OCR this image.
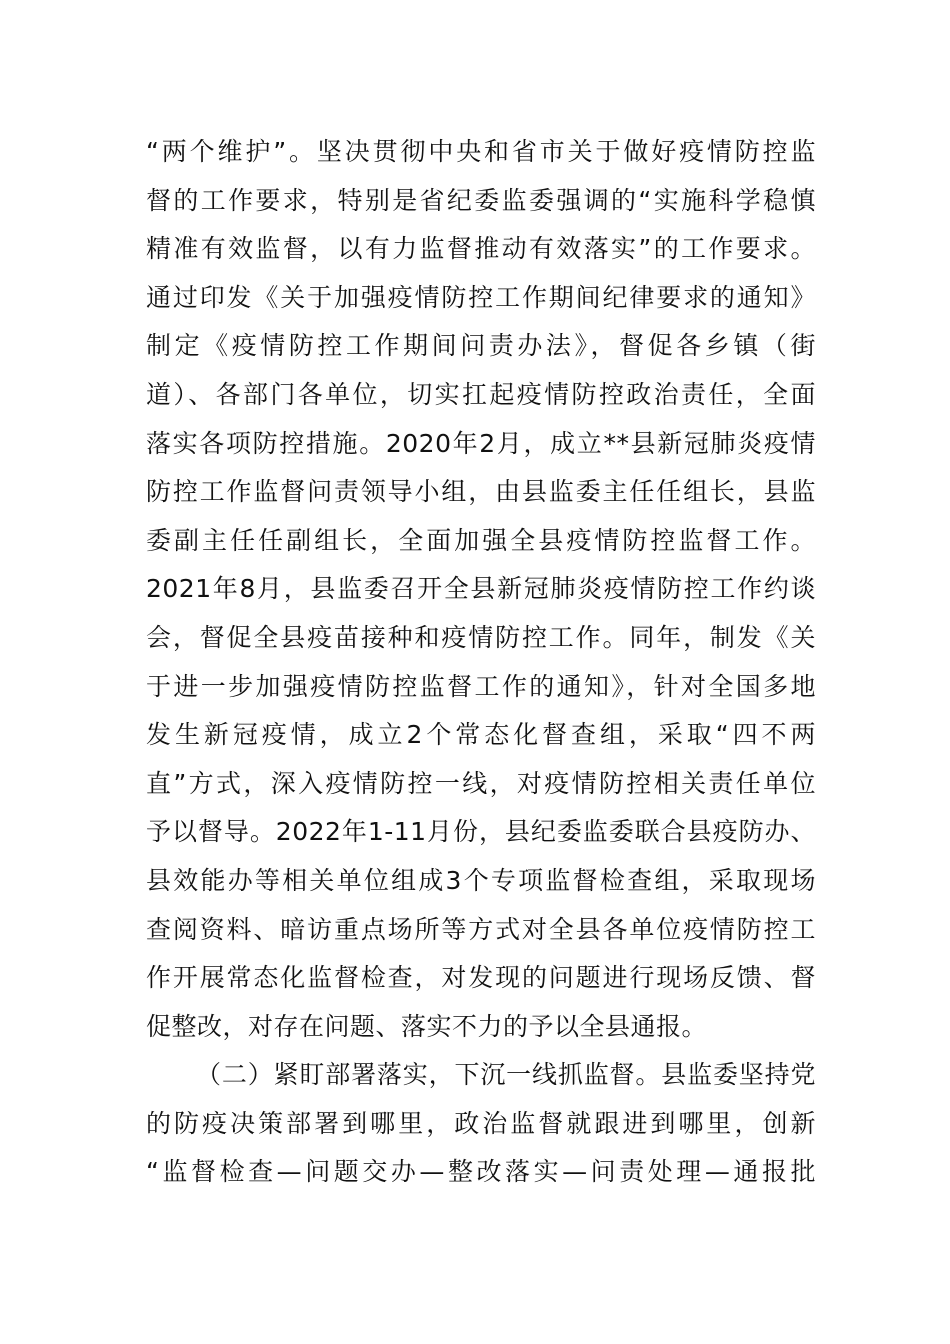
“两个维护”。坚决贯彻中央和省市关于做好疫情防控监
督的工作要求，特别是省纪委监委强调的“实施科学稳慎
精准有效监督，以有力监督推动有效落实”的工作要求。
通过印发《关于加强疫情防控工作期间纪律要求的通知》
制定《疫情防控工作期间问责办法》，督促各乡镇（街
道）、各部门各单位，切实扛起疫情防控政治责任，全面
落实各项防控措施。2020年2月，成立**县新冠肺炎疫情
防控工作监督问责领导小组，由县监委主任任组长，县监
委副主任任副组长，全面加强全县疫情防控监督工作。
2021年8月，县监委召开全县新冠肺炎疫情防控工作约谈
会，督促全县疫苗接种和疫情防控工作。同年，制发《关
于进一步加强疫情防控监督工作的通知》，针对全国多地
发生新冠疫情，成立2个常态化督查组，采取“四不两
直”方式，深入疫情防控一线，对疫情防控相关责任单位
予以督导。2022年1-11月份，县纪委监委联合县疫防办、
县效能办等相关单位组成3个专项监督检查组，采取现场
查阅资料、暗访重点场所等方式对全县各单位疫情防控工
作开展常态化监督检查，对发现的问题进行现场反馈、督
促整改，对存在问题、落实不力的予以全县通报。
（二）紧盯部署落实，下沉一线抓监督。县监委坚持党
的防疫决策部署到哪里，政治监督就跟进到哪里，创新
“监督检查—问题交办—整改落实—问责处理—通报批
